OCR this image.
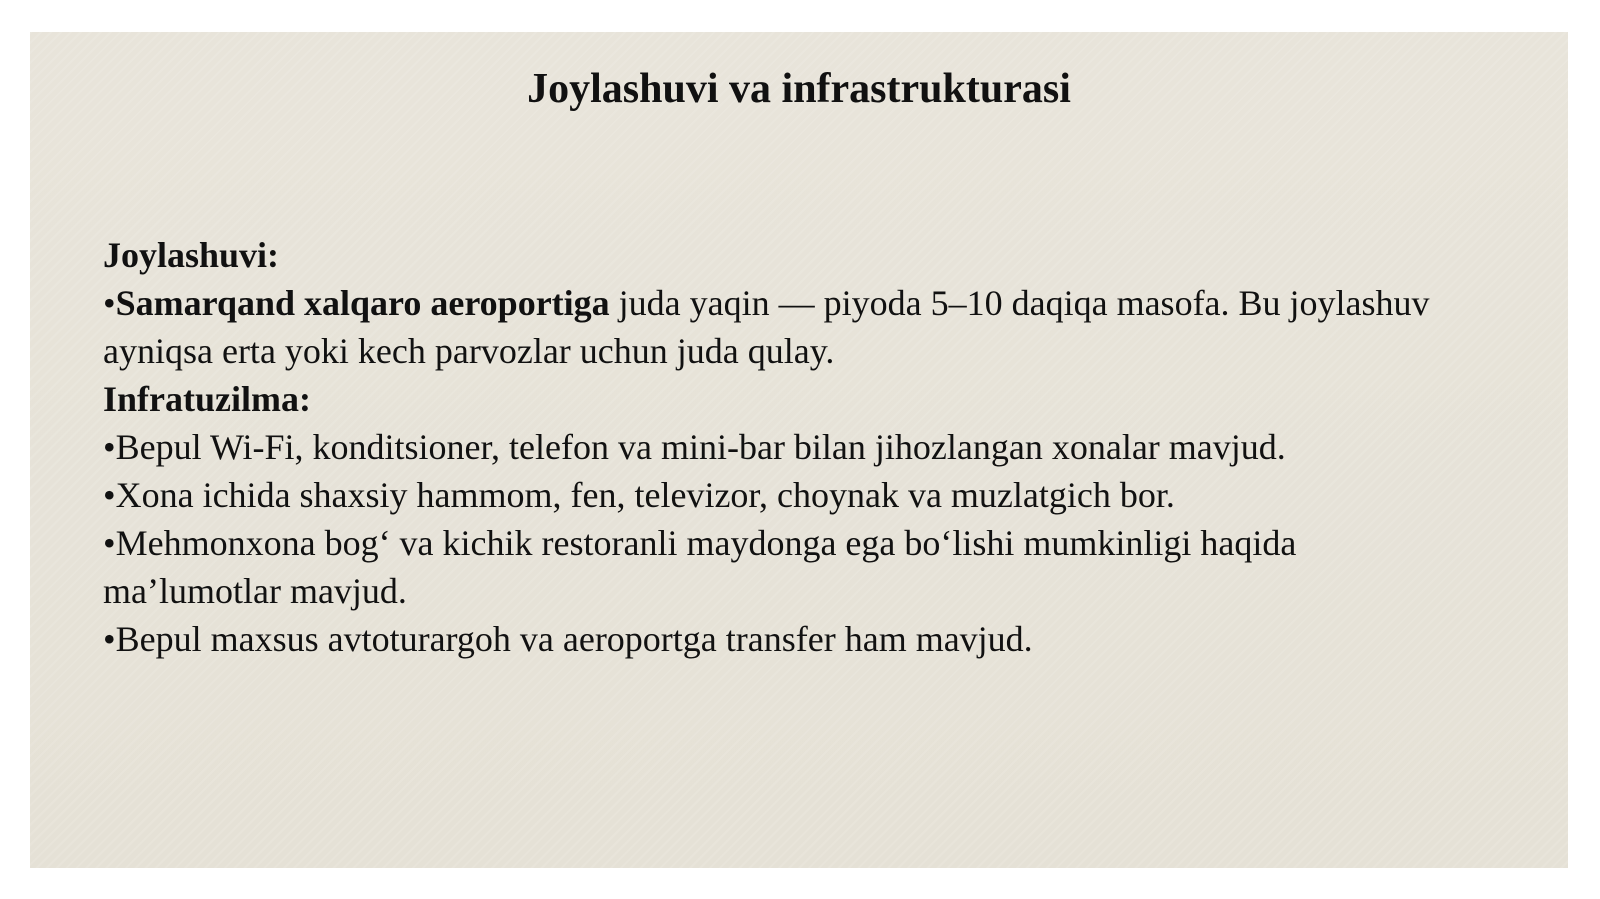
Joylashuvi va infrastrukturasi

Joylashuvi:

•Samarqand xalqaro aeroportiga juda yaqin — piyoda 5–10 daqiqa masofa. Bu joylashuv ayniqsa erta yoki kech parvozlar uchun juda qulay.

Infratuzilma:

•Bepul Wi-Fi, konditsioner, telefon va mini-bar bilan jihozlangan xonalar mavjud.

•Xona ichida shaxsiy hammom, fen, televizor, choynak va muzlatgich bor.

•Mehmonxona bog‘ va kichik restoranli maydonga ega bo‘lishi mumkinligi haqida ma’lumotlar mavjud.

•Bepul maxsus avtoturargoh va aeroportga transfer ham mavjud.
